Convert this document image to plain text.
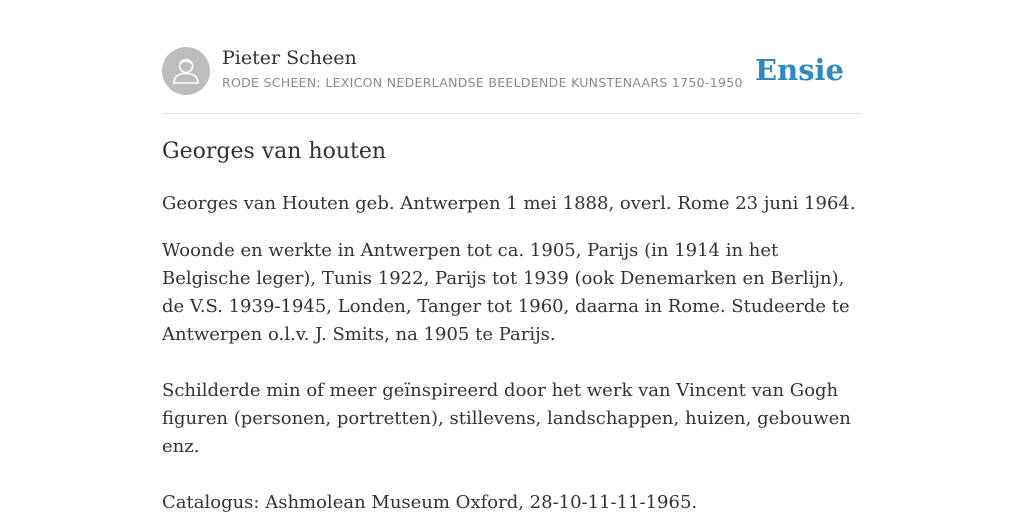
Pieter Scheen
RODE SCHEEN: LEXICON NEDERLANDSE BEELDENDE KUNSTENAARS 1750-1950 Ensie
Georges van houten

Georges van Houten geb. Antwerpen 1 mei 1888, overl. Rome 23 juni 1964.

Woonde en werkte in Antwerpen tot ca. 1905, Parijs (in 1914 in het Belgische leger), Tunis 1922, Parijs tot 1939 (ook Denemarken en Berlijn), de V.S. 1939-1945, Londen, Tanger tot 1960, daarna in Rome. Studeerde te Antwerpen o.l.v. J. Smits, na 1905 te Parijs.

Schilderde min of meer geïnspireerd door het werk van Vincent van Gogh figuren (personen, portretten), stillevens, landschappen, huizen, gebouwen enz.

Catalogus: Ashmolean Museum Oxford, 28-10-11-11-1965.
